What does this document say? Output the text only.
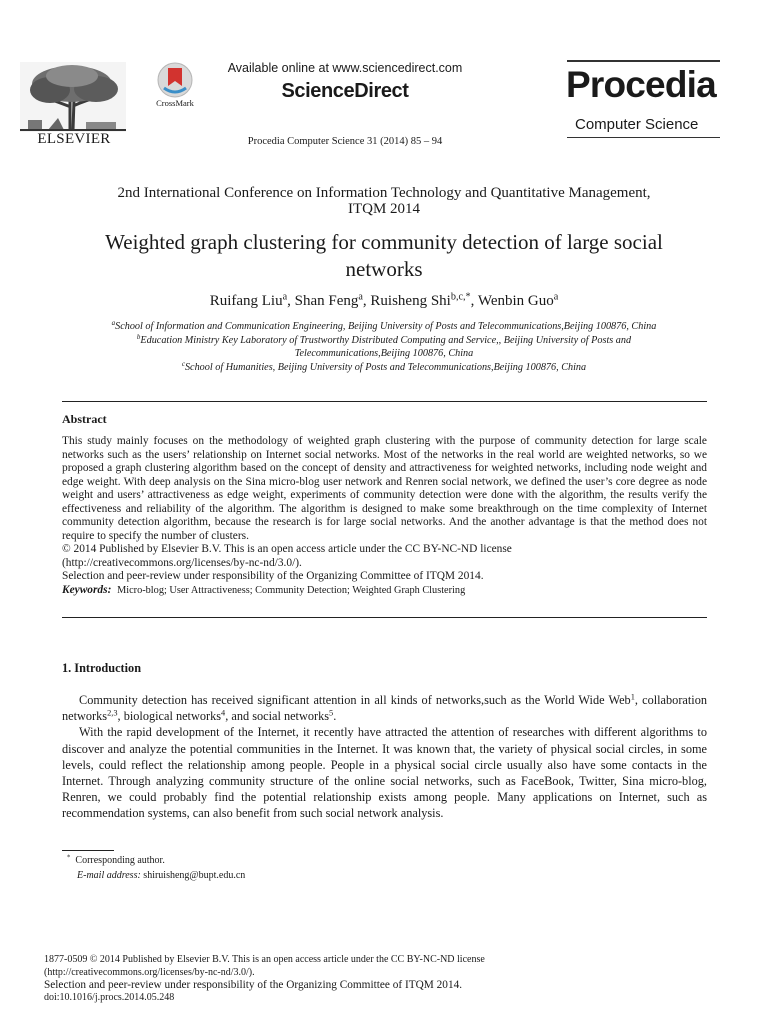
ELSEVIER
CrossMark
Available online at www.sciencedirect.com
ScienceDirect
Procedia Computer Science 31 (2014) 85 – 94
Procedia
Computer Science
2nd International Conference on Information Technology and Quantitative Management,
ITQM 2014
Weighted graph clustering for community detection of large social
networks
Ruifang Liu$^a$, Shan Feng$^a$, Ruisheng Shi$^{b,c,*}$, Wenbin Guo$^a$
$^a$School of Information and Communication Engineering, Beijing University of Posts and Telecommunications,Beijing 100876, China
$^b$Education Ministry Key Laboratory of Trustworthy Distributed Computing and Service,, Beijing University of Posts and
Telecommunications,Beijing 100876, China
$^c$School of Humanities, Beijing University of Posts and Telecommunications,Beijing 100876, China
Abstract

This study mainly focuses on the methodology of weighted graph clustering with the purpose of community detection for large scale networks such as the users’ relationship on Internet social networks. Most of the networks in the real world are weighted networks, so we proposed a graph clustering algorithm based on the concept of density and attractiveness for weighted networks, including node weight and edge weight. With deep analysis on the Sina micro-blog user network and Renren social network, we defined the user’s core degree as node weight and users’ attractiveness as edge weight, experiments of community detection were done with the algorithm, the results verify the effectiveness and reliability of the algorithm. The algorithm is designed to make some breakthrough on the time complexity of Internet community detection algorithm, because the research is for large social networks. And the another advantage is that the method does not require to specify the number of clusters.

© 2014 Published by Elsevier B.V. This is an open access article under the CC BY-NC-ND license

(http://creativecommons.org/licenses/by-nc-nd/3.0/).

Selection and peer-review under responsibility of the Organizing Committee of ITQM 2014.

Keywords: Micro-blog; User Attractiveness; Community Detection; Weighted Graph Clustering

1. Introduction

Community detection has received significant attention in all kinds of networks,such as the World Wide Web$^1$, collaboration networks$^{2,3}$, biological networks$^4$, and social networks$^5$.

With the rapid development of the Internet, it recently have attracted the attention of researches with different algorithms to discover and analyze the potential communities in the Internet. It was known that, the variety of physical social circles, in some levels, could reflect the relationship among people. People in a physical social circle usually also have some contacts in the Internet. Through analyzing community structure of the online social networks, such as FaceBook, Twitter, Sina micro-blog, Renren, we could probably find the potential relationship exists among people. Many applications on Internet, such as recommendation systems, can also benefit from such social network analysis.

* Corresponding author.
E-mail address: shiruisheng@bupt.edu.cn
1877-0509 © 2014 Published by Elsevier B.V. This is an open access article under the CC BY-NC-ND license
(http://creativecommons.org/licenses/by-nc-nd/3.0/).
Selection and peer-review under responsibility of the Organizing Committee of ITQM 2014.
doi:10.1016/j.procs.2014.05.248
